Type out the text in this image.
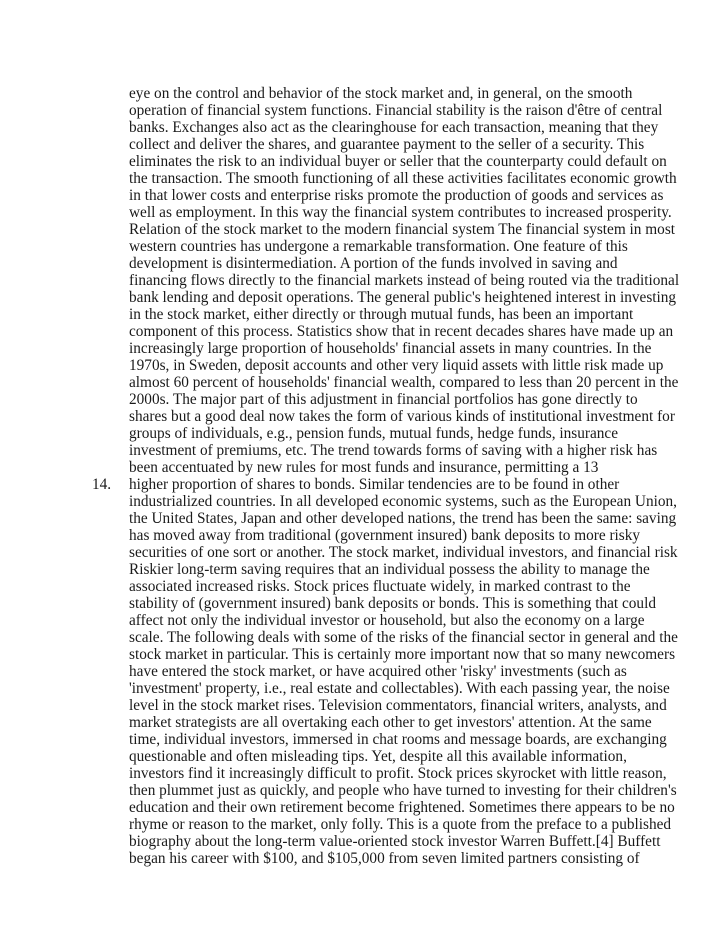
eye on the control and behavior of the stock market and, in general, on the smooth
operation of financial system functions. Financial stability is the raison d'être of central
banks. Exchanges also act as the clearinghouse for each transaction, meaning that they
collect and deliver the shares, and guarantee payment to the seller of a security. This
eliminates the risk to an individual buyer or seller that the counterparty could default on
the transaction. The smooth functioning of all these activities facilitates economic growth
in that lower costs and enterprise risks promote the production of goods and services as
well as employment. In this way the financial system contributes to increased prosperity.
Relation of the stock market to the modern financial system The financial system in most
western countries has undergone a remarkable transformation. One feature of this
development is disintermediation. A portion of the funds involved in saving and
financing flows directly to the financial markets instead of being routed via the traditional
bank lending and deposit operations. The general public's heightened interest in investing
in the stock market, either directly or through mutual funds, has been an important
component of this process. Statistics show that in recent decades shares have made up an
increasingly large proportion of households' financial assets in many countries. In the
1970s, in Sweden, deposit accounts and other very liquid assets with little risk made up
almost 60 percent of households' financial wealth, compared to less than 20 percent in the
2000s. The major part of this adjustment in financial portfolios has gone directly to
shares but a good deal now takes the form of various kinds of institutional investment for
groups of individuals, e.g., pension funds, mutual funds, hedge funds, insurance
investment of premiums, etc. The trend towards forms of saving with a higher risk has
been accentuated by new rules for most funds and insurance, permitting a 13
14. higher proportion of shares to bonds. Similar tendencies are to be found in other
industrialized countries. In all developed economic systems, such as the European Union,
the United States, Japan and other developed nations, the trend has been the same: saving
has moved away from traditional (government insured) bank deposits to more risky
securities of one sort or another. The stock market, individual investors, and financial risk
Riskier long-term saving requires that an individual possess the ability to manage the
associated increased risks. Stock prices fluctuate widely, in marked contrast to the
stability of (government insured) bank deposits or bonds. This is something that could
affect not only the individual investor or household, but also the economy on a large
scale. The following deals with some of the risks of the financial sector in general and the
stock market in particular. This is certainly more important now that so many newcomers
have entered the stock market, or have acquired other 'risky' investments (such as
'investment' property, i.e., real estate and collectables). With each passing year, the noise
level in the stock market rises. Television commentators, financial writers, analysts, and
market strategists are all overtaking each other to get investors' attention. At the same
time, individual investors, immersed in chat rooms and message boards, are exchanging
questionable and often misleading tips. Yet, despite all this available information,
investors find it increasingly difficult to profit. Stock prices skyrocket with little reason,
then plummet just as quickly, and people who have turned to investing for their children's
education and their own retirement become frightened. Sometimes there appears to be no
rhyme or reason to the market, only folly. This is a quote from the preface to a published
biography about the long-term value-oriented stock investor Warren Buffett.[4] Buffett
began his career with $100, and $105,000 from seven limited partners consisting of
